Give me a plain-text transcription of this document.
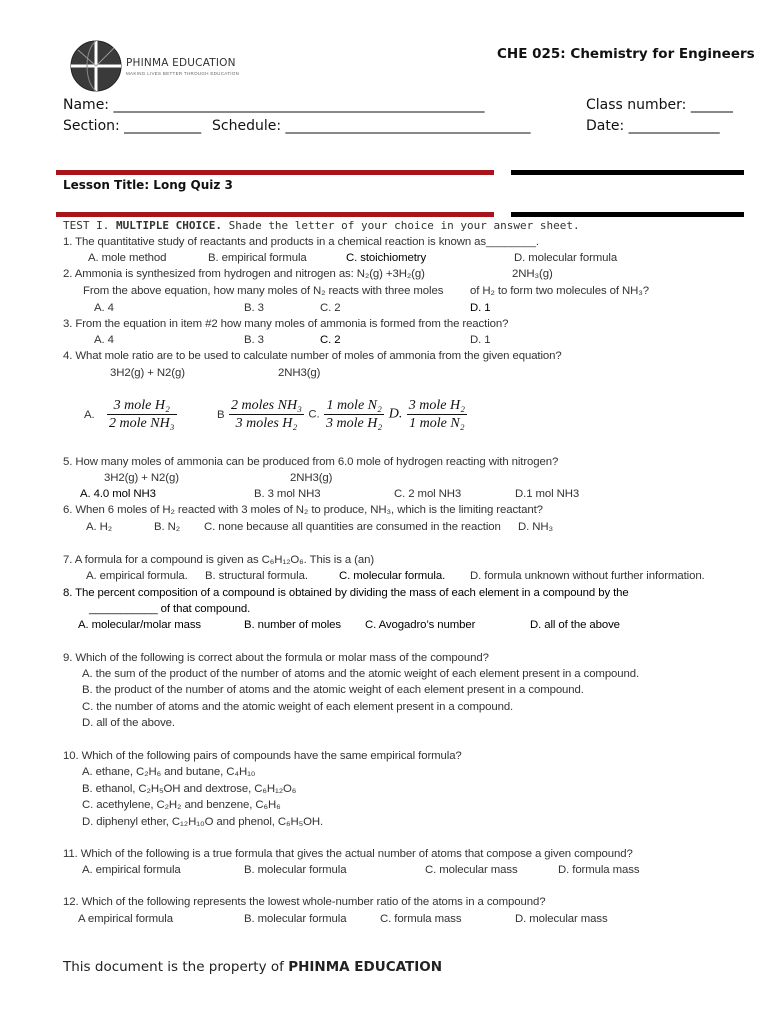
PHINMA EDUCATION
MAKING LIVES BETTER THROUGH EDUCATION
CHE 025: Chemistry for Engineers
Name: _____________________________________________________	Class number: ______
Section: ___________ Schedule: ___________________________________	Date: _____________
Lesson Title: Long Quiz 3
TEST I. MULTIPLE CHOICE. Shade the letter of your choice in your answer sheet.
1. The quantitative study of reactants and products in a chemical reaction is known as________.
A. mole method	B. empirical formula	C. stoichiometry	D. molecular formula
2. Ammonia is synthesized from hydrogen and nitrogen as: N₂(g) +3H₂(g)	2NH₃(g)
From the above equation, how many moles of N₂ reacts with three moles of H₂ to form two molecules of NH₃?
A. 4	B. 3	C. 2	D. 1
3. From the equation in item #2 how many moles of ammonia is formed from the reaction?
A. 4	B. 3	C. 2	D. 1
4. What mole ratio are to be used to calculate number of moles of ammonia from the given equation?
3H2(g) + N2(g)	2NH3(g)
A. $\frac{\text{3 mole H₂}}{\text{2 mole NH₃}}$	B $\frac{\text{2 moles NH₃}}{\text{3 moles H₂}} C$. $\frac{\text{1 mole N₂}}{\text{3 mole H₂}} D$. $\frac{\text{3 mole H₂}}{\text{1 mole N₂}}$
5. How many moles of ammonia can be produced from 6.0 mole of hydrogen reacting with nitrogen?
3H2(g) + N2(g)	2NH3(g)
A. 4.0 mol NH3	B. 3 mol NH3	C. 2 mol NH3	D.1 mol NH3
6. When 6 moles of H₂ reacted with 3 moles of N₂ to produce, NH₃, which is the limiting reactant?
A. H₂	B. N₂ C. none because all quantities are consumed in the reaction D. NH₃
7. A formula for a compound is given as C₆H₁₂O₆. This is a (an)
A. empirical formula. B. structural formula.	C. molecular formula. D. formula unknown without further information.
8. The percent composition of a compound is obtained by dividing the mass of each element in a compound by the
___________ of that compound.
A. molecular/molar mass	B. number of moles C. Avogadro’s number	D. all of the above
9. Which of the following is correct about the formula or molar mass of the compound?
A. the sum of the product of the number of atoms and the atomic weight of each element present in a compound.
B. the product of the number of atoms and the atomic weight of each element present in a compound.
C. the number of atoms and the atomic weight of each element present in a compound.
D. all of the above.
10. Which of the following pairs of compounds have the same empirical formula?
A. ethane, C₂H₆ and butane, C₄H₁₀
B. ethanol, C₂H₅OH and dextrose, C₆H₁₂O₆
C. acethylene, C₂H₂ and benzene, C₆H₆
D. diphenyl ether, C₁₂H₁₀O and phenol, C₆H₅OH.
11. Which of the following is a true formula that gives the actual number of atoms that compose a given compound?
A. empirical formula	B. molecular formula	C. molecular mass	D. formula mass
12. Which of the following represents the lowest whole-number ratio of the atoms in a compound?
A empirical formula	B. molecular formula	C. formula mass	D. molecular mass
This document is the property of PHINMA EDUCATION
